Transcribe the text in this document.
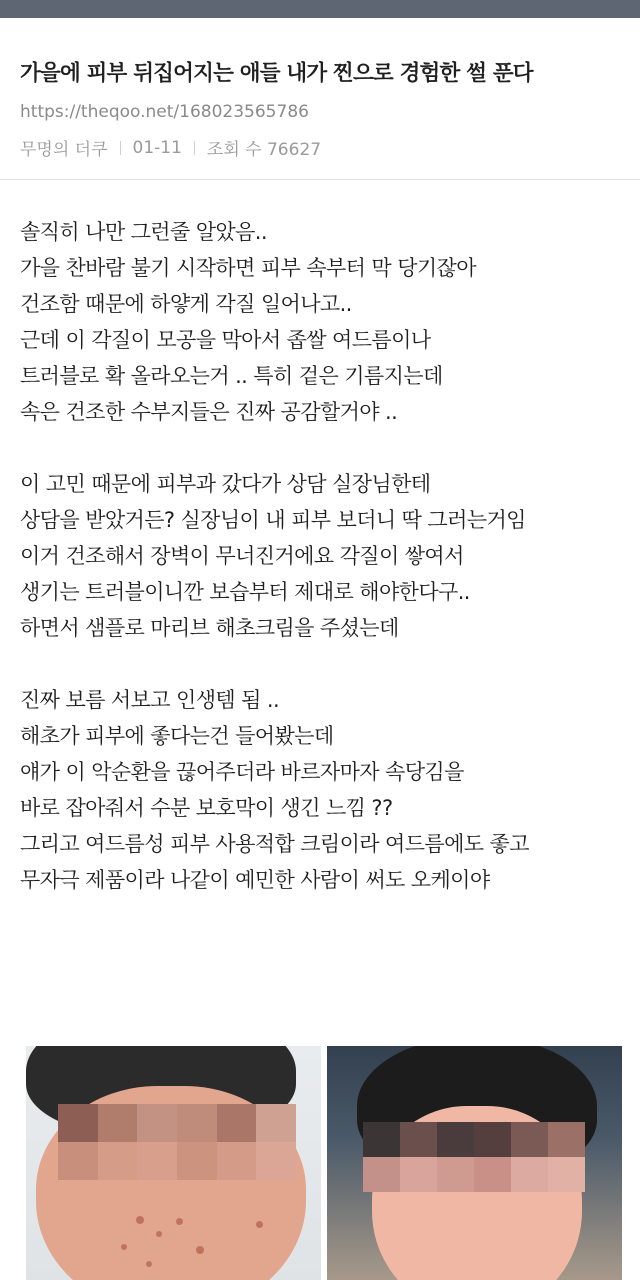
가을에 피부 뒤집어지는 애들 내가 찐으로 경험한 썰 푼다
https://theqoo.net/168023565786
무명의 더쿠 01-11 조회 수 76627
솔직히 나만 그런줄 알았음..
가을 찬바람 불기 시작하면 피부 속부터 막 당기잖아
건조함 때문에 하얗게 각질 일어나고..
근데 이 각질이 모공을 막아서 좁쌀 여드름이나
트러블로 확 올라오는거 .. 특히 겉은 기름지는데
속은 건조한 수부지들은 진짜 공감할거야 ..
이 고민 때문에 피부과 갔다가 상담 실장님한테
상담을 받았거든? 실장님이 내 피부 보더니 딱 그러는거임
이거 건조해서 장벽이 무너진거에요 각질이 쌓여서
생기는 트러블이니깐 보습부터 제대로 해야한다구..
하면서 샘플로 마리브 해초크림을 주셨는데
진짜 보름 서보고 인생템 됨 ..
해초가 피부에 좋다는건 들어봤는데
얘가 이 악순환을 끊어주더라 바르자마자 속당김을
바로 잡아줘서 수분 보호막이 생긴 느낌 ??
그리고 여드름성 피부 사용적합 크림이라 여드름에도 좋고
무자극 제품이라 나같이 예민한 사람이 써도 오케이야
